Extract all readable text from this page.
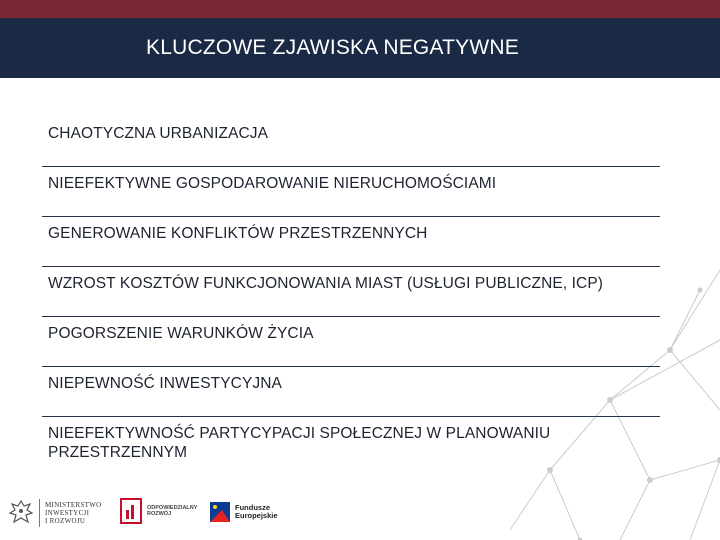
KLUCZOWE ZJAWISKA NEGATYWNE
CHAOTYCZNA URBANIZACJA
NIEEFEKTYWNE GOSPODAROWANIE NIERUCHOMOŚCIAMI
GENEROWANIE KONFLIKTÓW PRZESTRZENNYCH
WZROST KOSZTÓW FUNKCJONOWANIA MIAST (USŁUGI PUBLICZNE, ICP)
POGORSZENIE WARUNKÓW ŻYCIA
NIEPEWNOŚĆ INWESTYCYJNA
NIEEFEKTYWNOŚĆ PARTYCYPACJI SPOŁECZNEJ W PLANOWANIU PRZESTRZENNYM
MINISTERSTWO
INWESTYCJI
I ROZWOJU
ODPOWIEDZIALNY
ROZWÓJ
Fundusze
Europejskie
